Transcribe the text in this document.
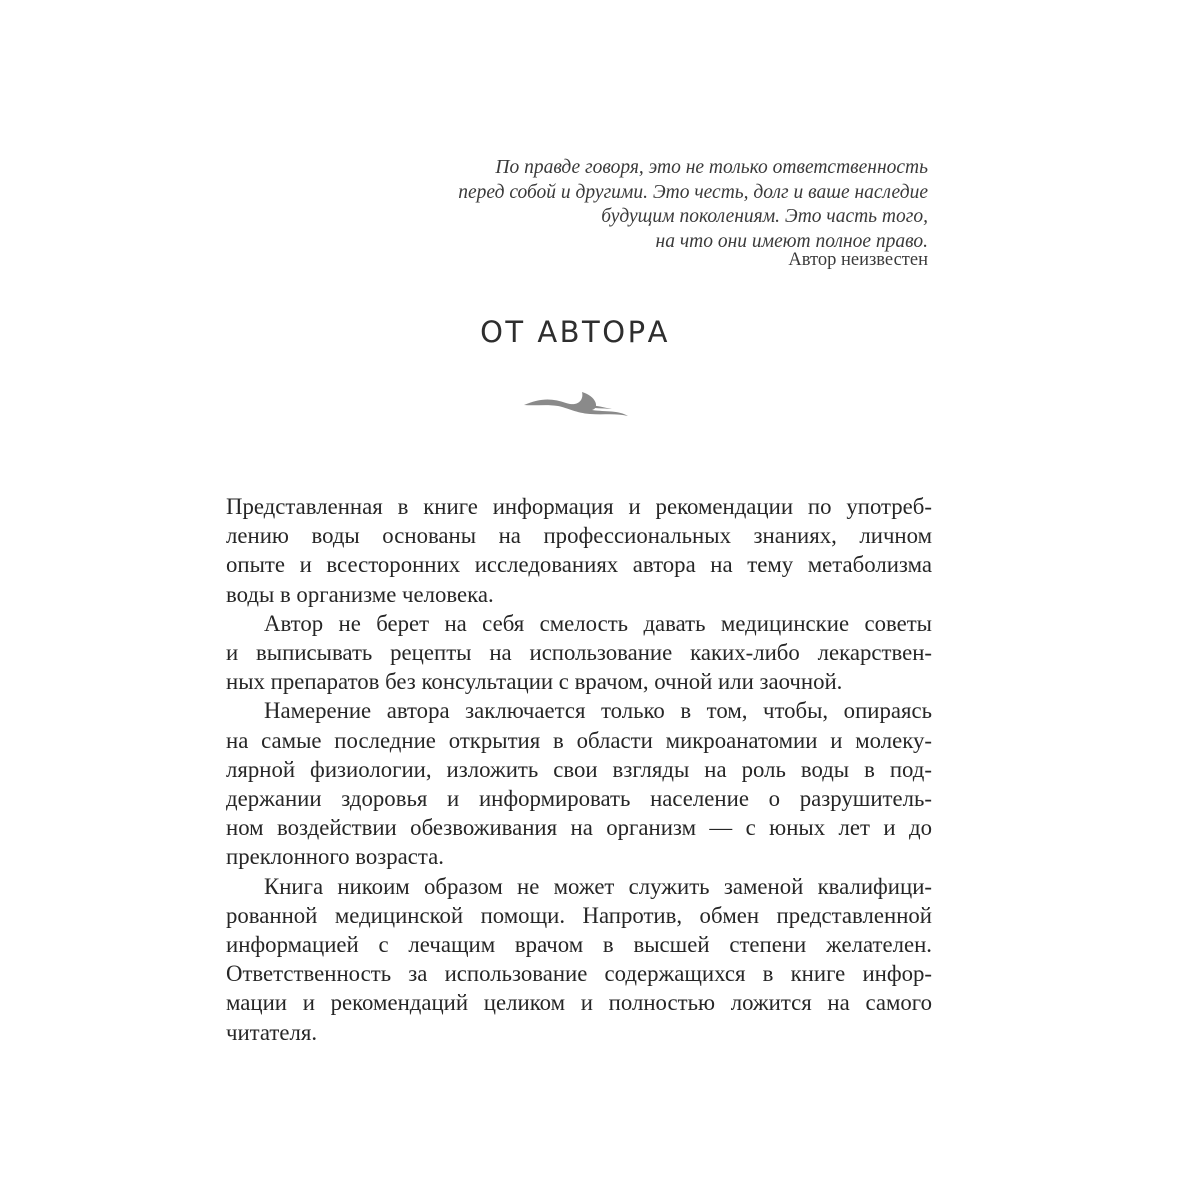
По правде говоря, это не только ответственность
перед собой и другими. Это честь, долг и ваше наследие
будущим поколениям. Это часть того,
на что они имеют полное право.
Автор неизвестен
ОТ АВТОРА

Представленная в книге информация и рекомендации по употреб-
лению воды основаны на профессиональных знаниях, личном
опыте и всесторонних исследованиях автора на тему метаболизма
воды в организме человека.

Автор не берет на себя смелость давать медицинские советы
и выписывать рецепты на использование каких-либо лекарствен-
ных препаратов без консультации с врачом, очной или заочной.

Намерение автора заключается только в том, чтобы, опираясь
на самые последние открытия в области микроанатомии и молеку-
лярной физиологии, изложить свои взгляды на роль воды в под-
держании здоровья и информировать население о разрушитель-
ном воздействии обезвоживания на организм — с юных лет и до
преклонного возраста.

Книга никоим образом не может служить заменой квалифици-
рованной медицинской помощи. Напротив, обмен представленной
информацией с лечащим врачом в высшей степени желателен.
Ответственность за использование содержащихся в книге инфор-
мации и рекомендаций целиком и полностью ложится на самого
читателя.
